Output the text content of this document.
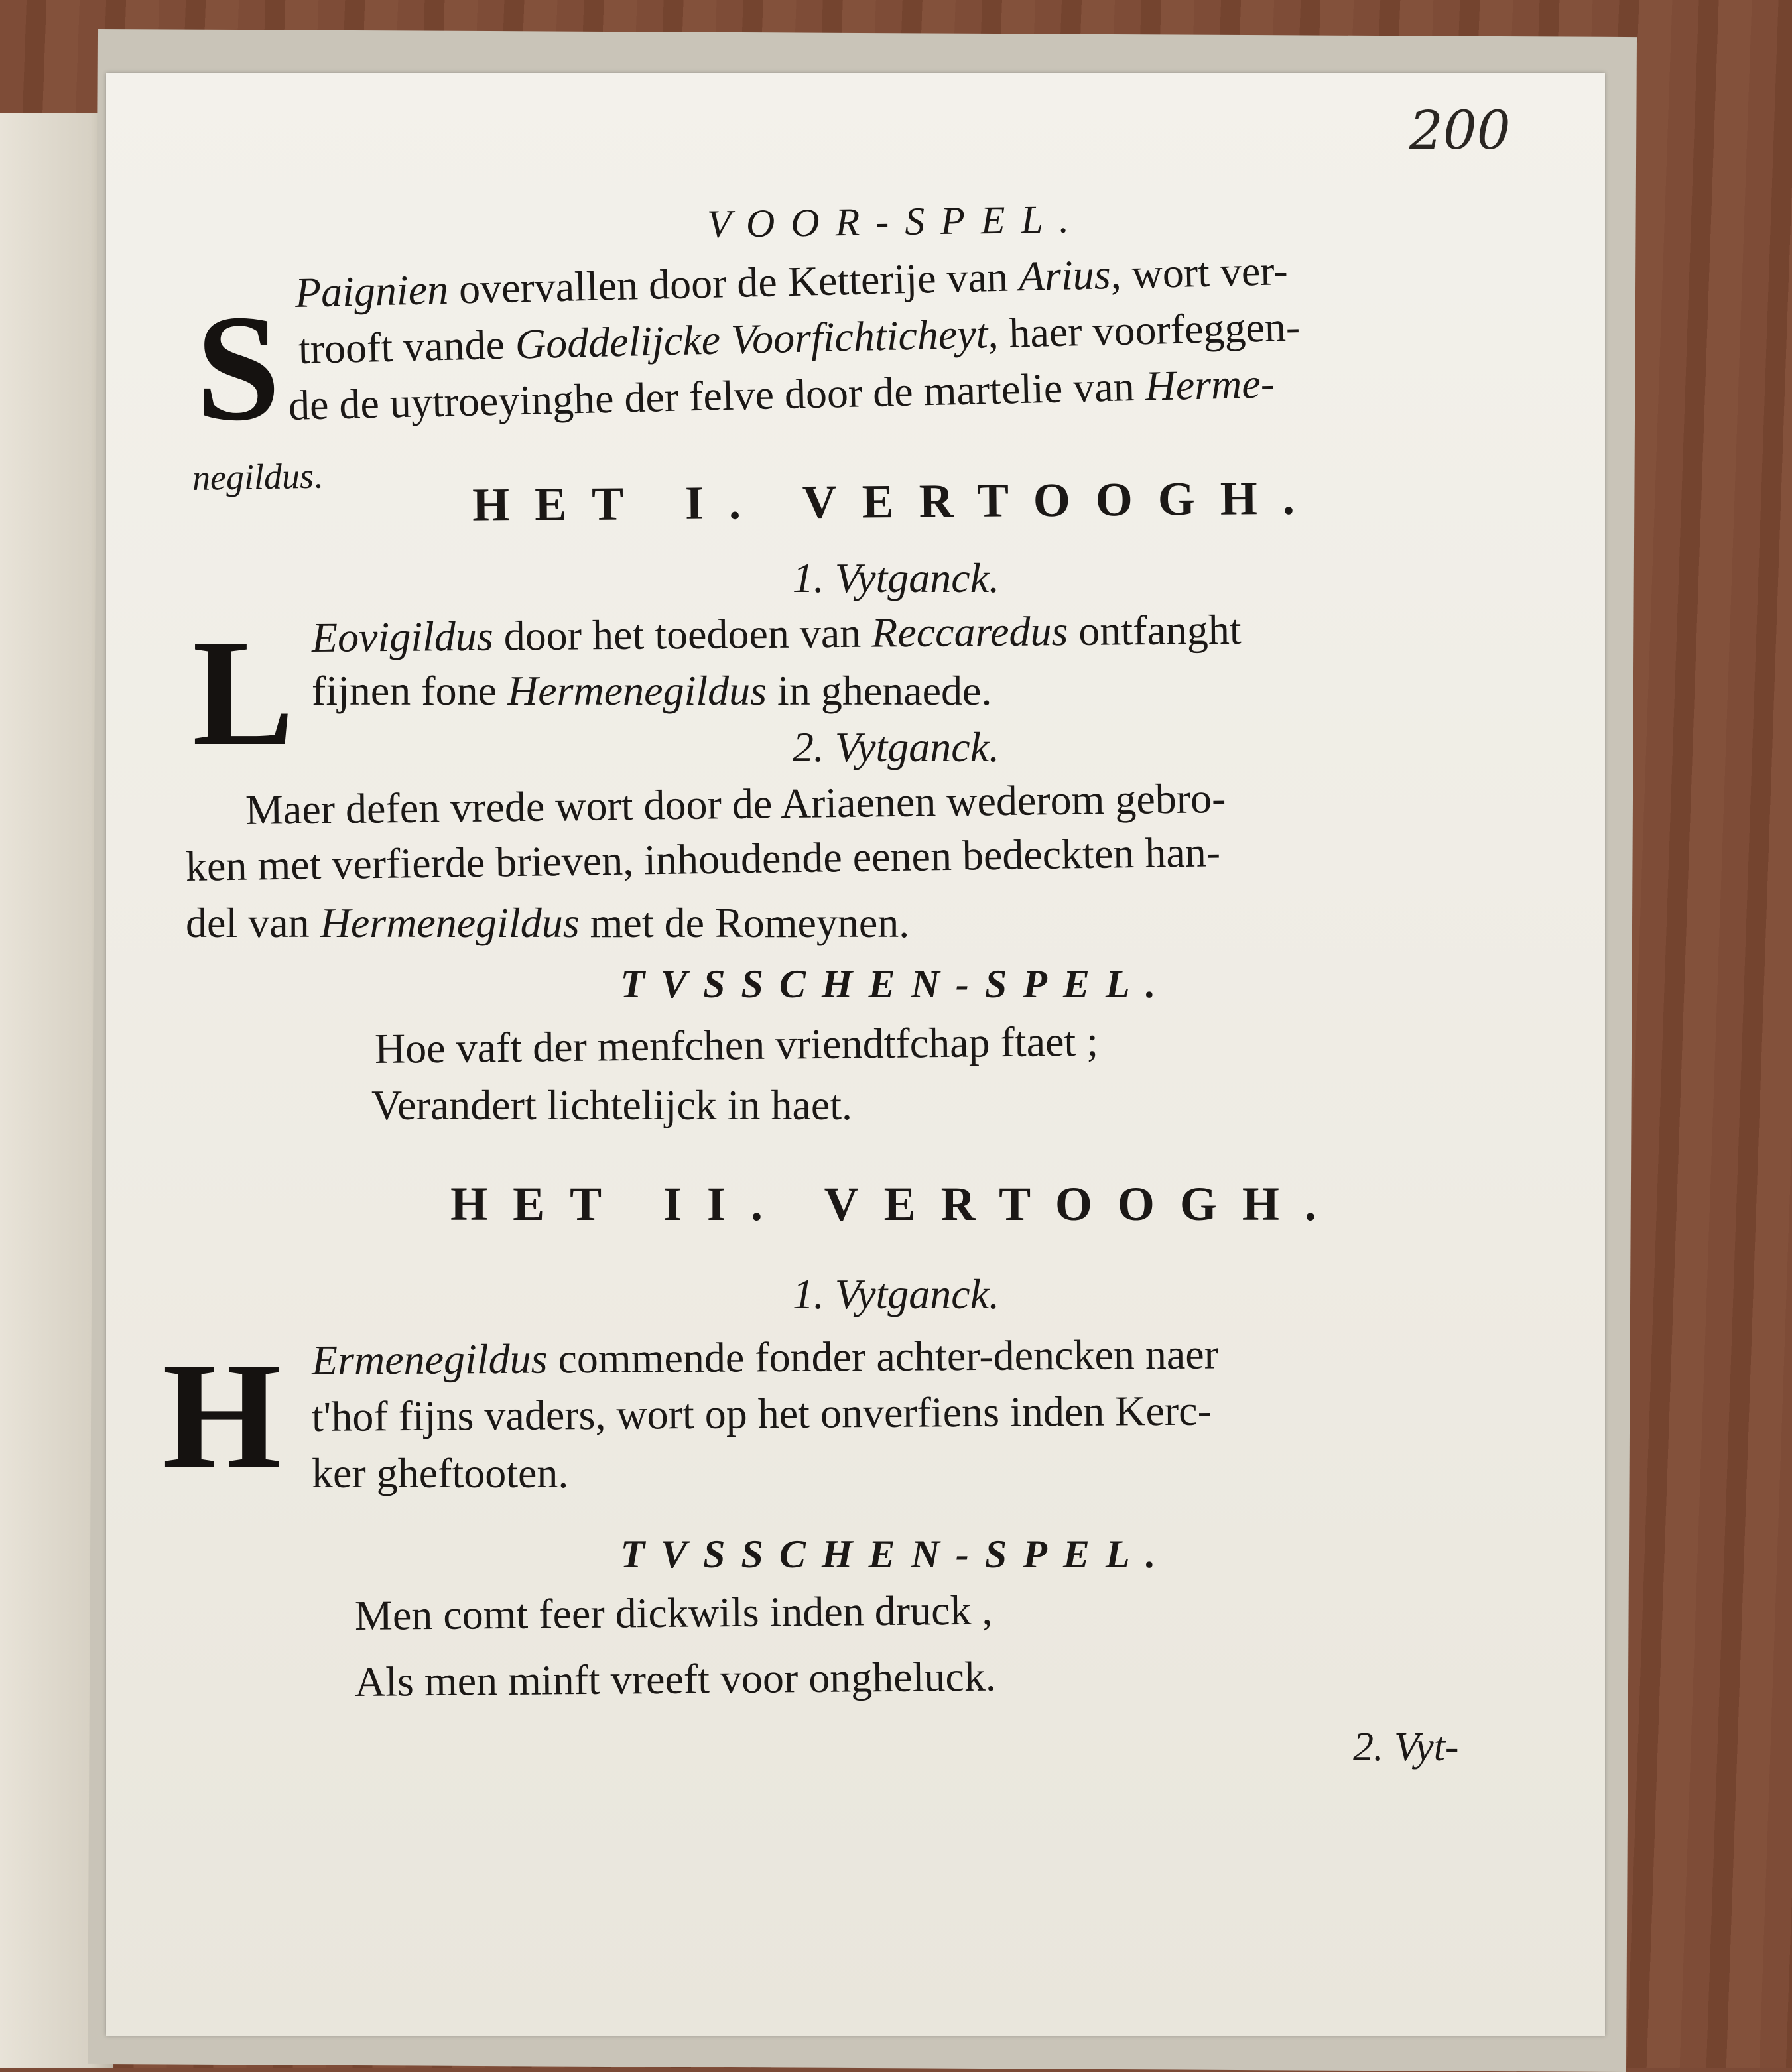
200
VOOR-SPEL.
S Paignien overvallen door de Ketterije van Arius, wort ver-
trooft vande Goddelijcke Voorfichticheyt, haer voorfeggen-
de de uytroeyinghe der felve door de martelie van Herme-
negildus.	HET I. VERTOOGH.
1. Vytganck.
L Eovigildus door het toedoen van Reccaredus ontfanght
fijnen fone Hermenegildus in ghenaede.
2. Vytganck.
Maer defen vrede wort door de Ariaenen wederom gebro-
ken met verfierde brieven, inhoudende eenen bedeckten han-
del van Hermenegildus met de Romeynen.
TVSSCHEN-SPEL.
Hoe vaft der menfchen vriendtfchap ftaet ;
Verandert lichtelijck in haet.
HET II. VERTOOGH.
1. Vytganck.
H Ermenegildus commende fonder achter-dencken naer
t'hof fijns vaders, wort op het onverfiens inden Kerc-
ker gheftooten.
TVSSCHEN-SPEL.
Men comt feer dickwils inden druck ,
Als men minft vreeft voor ongheluck.
2. Vyt-
